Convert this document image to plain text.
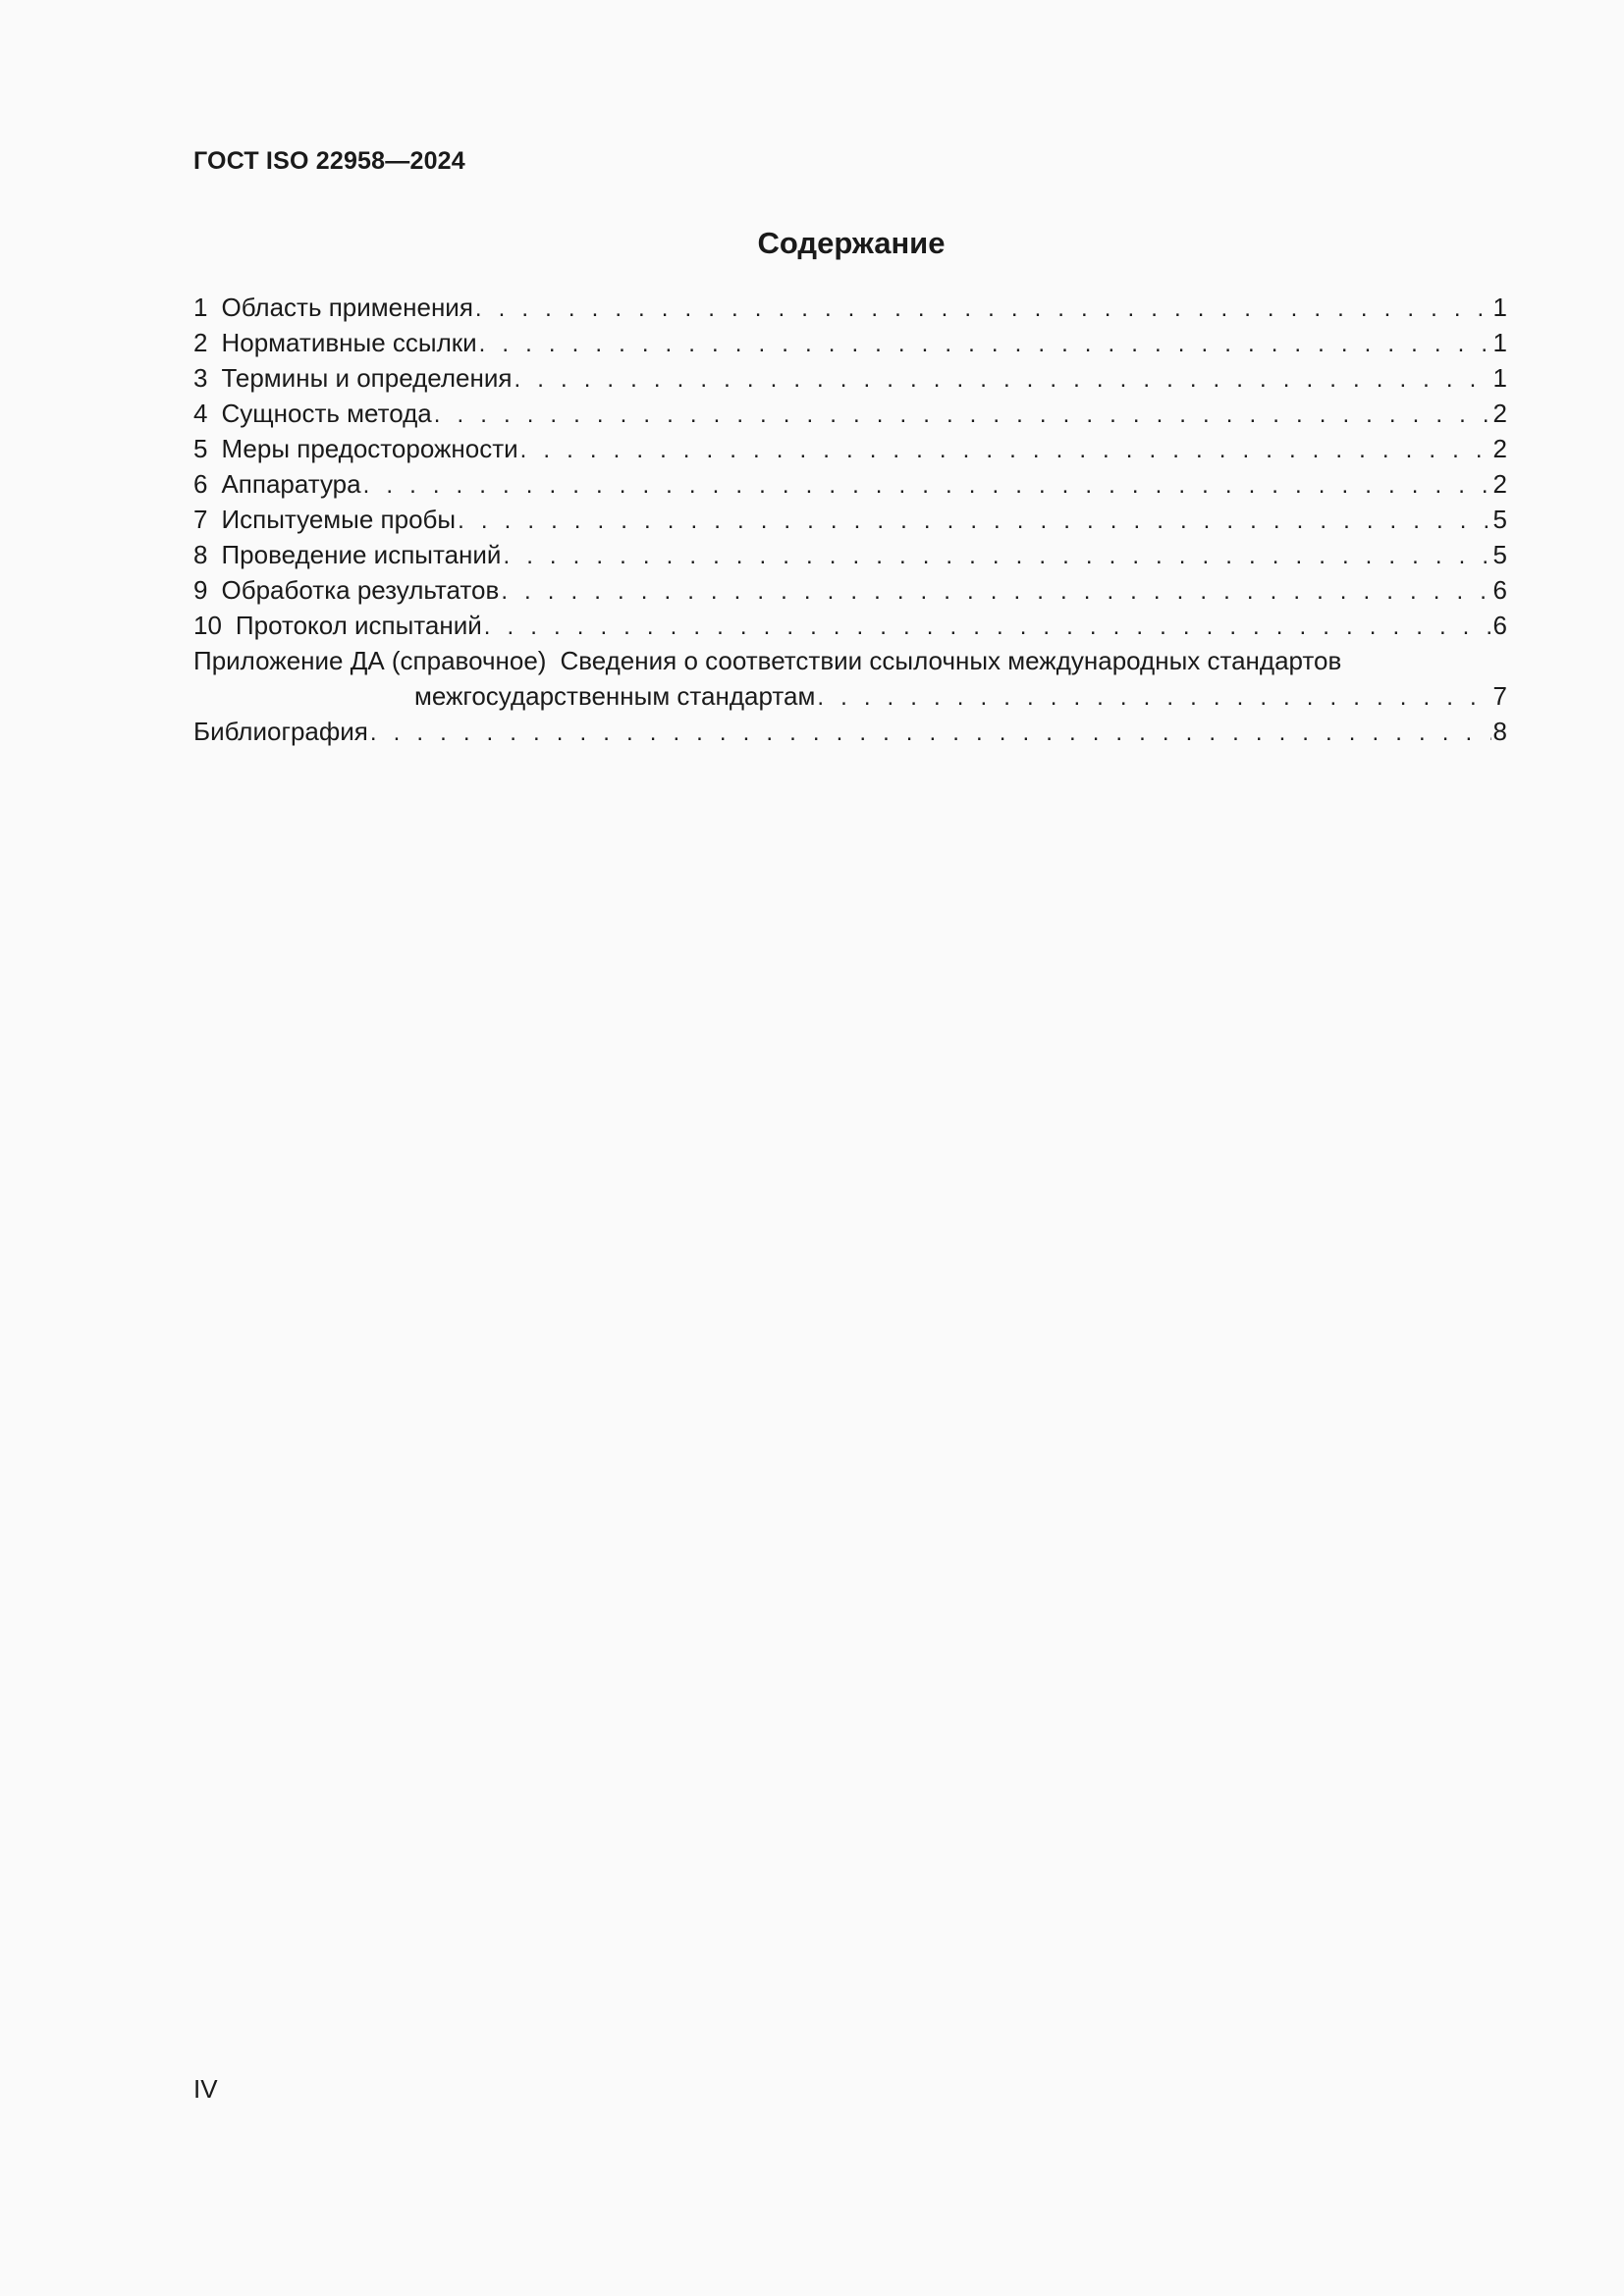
ГОСТ ISO 22958—2024
Содержание
1 Область применения . . .	1
2 Нормативные ссылки . . .	1
3 Термины и определения . . .	1
4 Сущность метода . . .	2
5 Меры предосторожности . . .	2
6 Аппаратура . . .	2
7 Испытуемые пробы . . .	5
8 Проведение испытаний . . .	5
9 Обработка результатов . . .	6
10 Протокол испытаний . . .	6
Приложение ДА (справочное) Сведения о соответствии ссылочных международных стандартов
межгосударственным стандартам . . .	7
Библиография . . .	8
IV
